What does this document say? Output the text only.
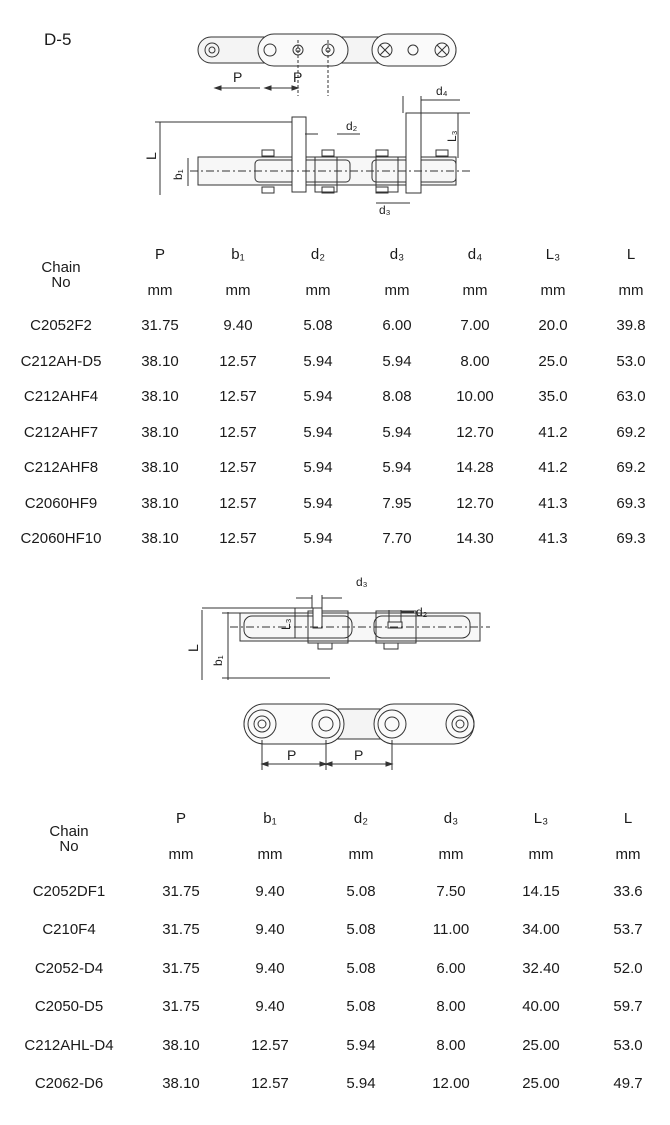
D-5
P	P
L
b₁
d₂
d₄
L₃
d₃
Chain
No	P	b₁	d₂	d₃	d₄	L₃	L
	mm	mm	mm	mm	mm	mm	mm
C2052F2	31.75	9.40	5.08	6.00	7.00	20.0	39.8
C212AH-D5	38.10	12.57	5.94	5.94	8.00	25.0	53.0
C212AHF4	38.10	12.57	5.94	8.08	10.00	35.0	63.0
C212AHF7	38.10	12.57	5.94	5.94	12.70	41.2	69.2
C212AHF8	38.10	12.57	5.94	5.94	14.28	41.2	69.2
C2060HF9	38.10	12.57	5.94	7.95	12.70	41.3	69.3
C2060HF10	38.10	12.57	5.94	7.70	14.30	41.3	69.3
d₃
d₂
L₃
L
b₁
P	P
Chain
No	P	b₁	d₂	d₃	L₃	L
	mm	mm	mm	mm	mm	mm
C2052DF1	31.75	9.40	5.08	7.50	14.15	33.6
C210F4	31.75	9.40	5.08	11.00	34.00	53.7
C2052-D4	31.75	9.40	5.08	6.00	32.40	52.0
C2050-D5	31.75	9.40	5.08	8.00	40.00	59.7
C212AHL-D4	38.10	12.57	5.94	8.00	25.00	53.0
C2062-D6	38.10	12.57	5.94	12.00	25.00	49.7
